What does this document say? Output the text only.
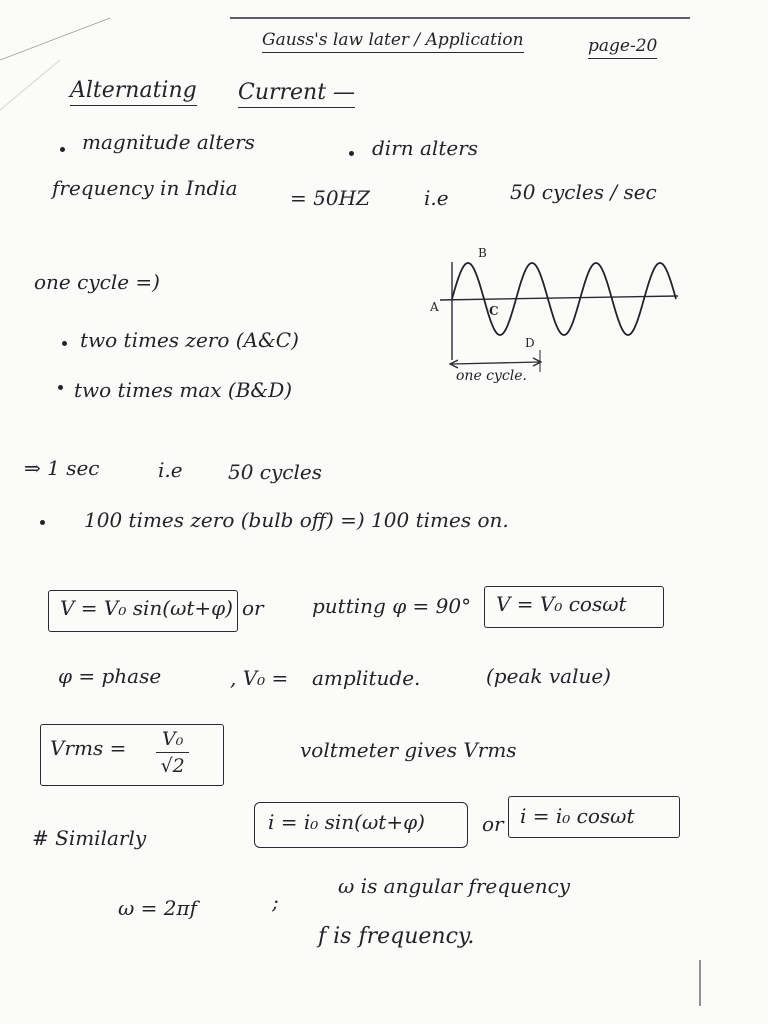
Gauss's law later / Application	page-20
Alternating Current —
magnitude alters	dirn alters
frequency in India	= 50HZ	i.e	50 cycles / sec
one cycle =)
two times zero (A&C)
two times max (B&D)
A
B
C
D
one cycle.
⇒ 1 sec	i.e 50 cycles
100 times zero (bulb off) =) 100 times on.
V = V₀ sin(ωt+φ) or putting φ = 90° V = V₀ cosωt
φ = phase	, V₀ = amplitude.	(peak value)
Vrms = $\frac{\text{V₀}}{√2}$	voltmeter gives Vrms
# Similarly
i = i₀ sin(ωt+φ)	or i = i₀ cosωt
ω = 2πf	;
ω is angular frequency
f is frequency.
